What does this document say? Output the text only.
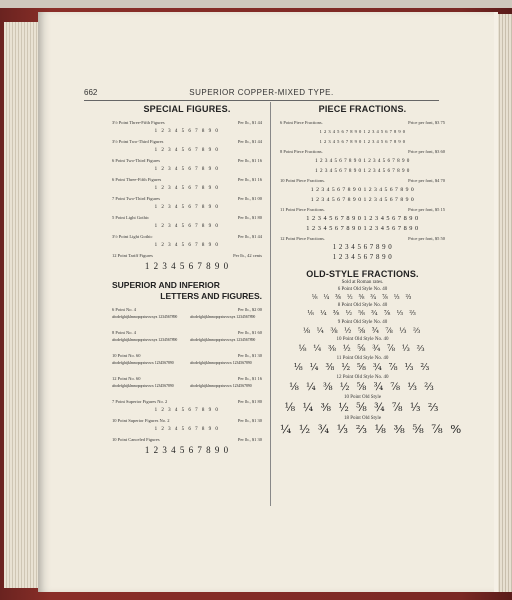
662	SUPERIOR COPPER-MIXED TYPE.
SPECIAL FIGURES.
3½ Point Three-Fifth Figures	Per lb., $1 44
1 2 3 4 5 6 7 8 9 0
3½ Point Two-Third Figures	Per lb., $1 44
1 2 3 4 5 6 7 8 9 0
6 Point Two-Third Figures	Per lb., $1 16
1 2 3 4 5 6 7 8 9 0
6 Point Three-Fifth Figures	Per lb., $1 16
1 2 3 4 5 6 7 8 9 0
7 Point Two-Third Figures	Per lb., $1 00
1 2 3 4 5 6 7 8 9 0
5 Point Light Gothic	Per lb., $1 80
1 2 3 4 5 6 7 8 9 0
3½ Point Light Gothic	Per lb., $1 44
1 2 3 4 5 6 7 8 9 0
12 Point Tariff Figures	Per lb., 42 cents
1 2 3 4 5 6 7 8 9 0
SUPERIOR AND INFERIOR
LETTERS AND FIGURES.
6 Point No. 4	Per lb., $2 00
abcdefghijklmnopqrstuvwxyz 1234567890	abcdefghijklmnopqrstuvwxyz 1234567890
8 Point No. 4	Per lb., $1 60
abcdefghijklmnopqrstuvwxyz 1234567890	abcdefghijklmnopqrstuvwxyz 1234567890
10 Point No. 60	Per lb., $1 30
abcdefghijklmnopqrstuvwx 1234567890	abcdefghijklmnopqrstuvwx 1234567890
12 Point No. 60	Per lb., $1 16
abcdefghijklmnopqrstuvwx 1234567890	abcdefghijklmnopqrstuvwx 1234567890
7 Point Superior Figures No. 2	Per lb., $1 80
1 2 3 4 5 6 7 8 9 0
10 Point Superior Figures No. 2	Per lb., $1 30
1 2 3 4 5 6 7 8 9 0
10 Point Canceled Figures	Per lb., $1 30
1 2 3 4 5 6 7 8 9 0
PIECE FRACTIONS.
6 Point Piece Fractions.	Price per font, $3 75
1 2 3 4 5 6 7 8 9 0 1 2 3 4 5 6 7 8 9 0
1 2 3 4 5 6 7 8 9 0 1 2 3 4 5 6 7 8 9 0
8 Point Piece Fractions.	Price per font, $3 60
1 2 3 4 5 6 7 8 9 0 1 2 3 4 5 6 7 8 9 0
1 2 3 4 5 6 7 8 9 0 1 2 3 4 5 6 7 8 9 0
10 Point Piece Fractions.	Price per font, $4 70
1 2 3 4 5 6 7 8 9 0 1 2 3 4 5 6 7 8 9 0
1 2 3 4 5 6 7 8 9 0 1 2 3 4 5 6 7 8 9 0
11 Point Piece Fractions.	Price per font, $5 15
1 2 3 4 5 6 7 8 9 0 1 2 3 4 5 6 7 8 9 0
1 2 3 4 5 6 7 8 9 0 1 2 3 4 5 6 7 8 9 0
12 Point Piece Fractions.	Price per font, $5 50
1 2 3 4 5 6 7 8 9 0
1 2 3 4 5 6 7 8 9 0
OLD-STYLE FRACTIONS.
Sold at Roman rates.
6 Point Old Style No. 40
⅛ ¼ ⅜ ½ ⅝ ¾ ⅞ ⅓ ⅔
8 Point Old Style No. 40
⅛ ¼ ⅜ ½ ⅝ ¾ ⅞ ⅓ ⅔
9 Point Old Style No. 40
⅛ ¼ ⅜ ½ ⅝ ¾ ⅞ ⅓ ⅔
10 Point Old Style No. 40
⅛ ¼ ⅜ ½ ⅝ ¾ ⅞ ⅓ ⅔
11 Point Old Style No. 40
⅛ ¼ ⅜ ½ ⅝ ¾ ⅞ ⅓ ⅔
12 Point Old Style No. 40
⅛ ¼ ⅜ ½ ⅝ ¾ ⅞ ⅓ ⅔
10 Point Old Style
⅛ ¼ ⅜ ½ ⅝ ¾ ⅞ ⅓ ⅔
18 Point Old Style
¼ ½ ¾ ⅓ ⅔ ⅛ ⅜ ⅝ ⅞ %
